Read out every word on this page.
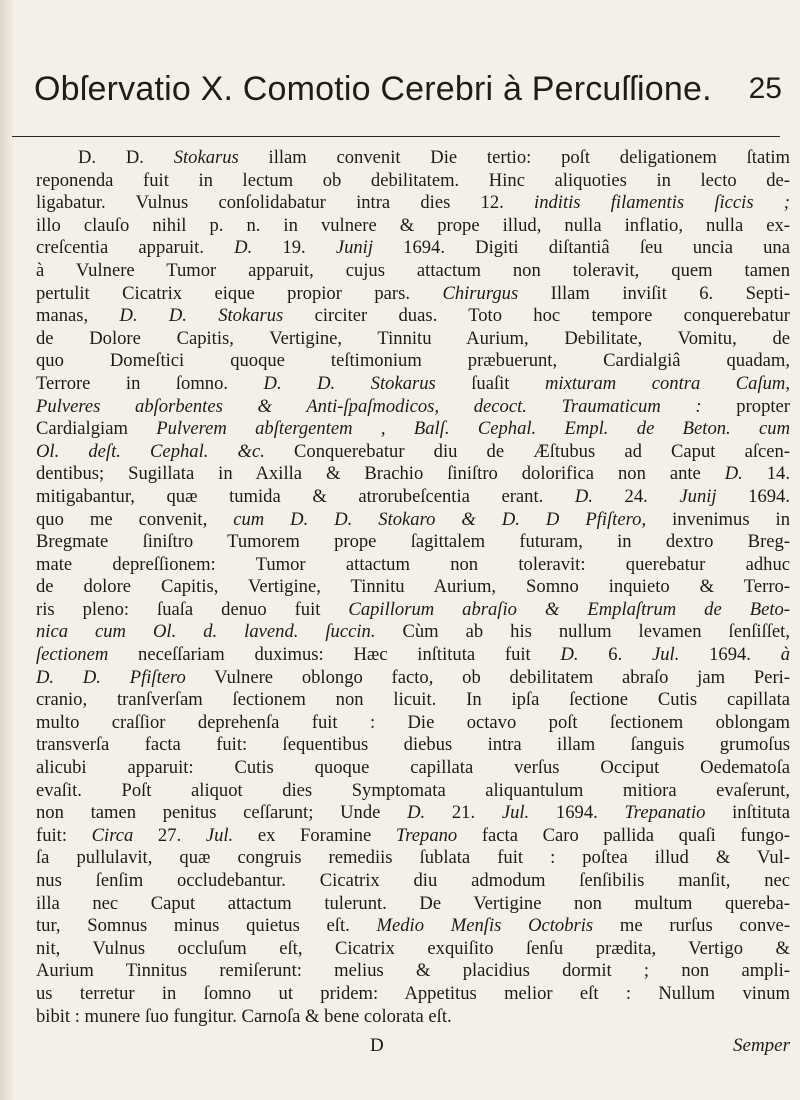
Obſervatio X. Comotio Cerebri à Percuſſione. 25
D. D. Stokarus illam convenit Die tertio: poſt deligationem ſtatim
reponenda fuit in lectum ob debilitatem. Hinc aliquoties in lecto de-
ligabatur. Vulnus conſolidabatur intra dies 12. inditis filamentis ſiccis ;
illo clauſo nihil p. n. in vulnere & prope illud, nulla inflatio, nulla ex-
creſcentia apparuit. D. 19. Junij 1694. Digiti diſtantiâ ſeu uncia una
à Vulnere Tumor apparuit, cujus attactum non toleravit, quem tamen
pertulit Cicatrix eique propior pars. Chirurgus Illam inviſit 6. Septi-
manas, D. D. Stokarus circiter duas. Toto hoc tempore conquerebatur
de Dolore Capitis, Vertigine, Tinnitu Aurium, Debilitate, Vomitu, de
quo Domeſtici quoque teſtimonium præbuerunt, Cardialgiâ quadam,
Terrore in ſomno. D. D. Stokarus ſuaſit mixturam contra Caſum,
Pulveres abſorbentes & Anti-ſpaſmodicos, decoct. Traumaticum : propter
Cardialgiam Pulverem abſtergentem , Balſ. Cephal. Empl. de Beton. cum
Ol. deſt. Cephal. &c. Conquerebatur diu de Æſtubus ad Caput aſcen-
dentibus; Sugillata in Axilla & Brachio ſiniſtro dolorifica non ante D. 14.
mitigabantur, quæ tumida & atrorubeſcentia erant. D. 24. Junij 1694.
quo me convenit, cum D. D. Stokaro & D. D Pfiſtero, invenimus in
Bregmate ſiniſtro Tumorem prope ſagittalem futuram, in dextro Breg-
mate depreſſionem: Tumor attactum non toleravit: querebatur adhuc
de dolore Capitis, Vertigine, Tinnitu Aurium, Somno inquieto & Terro-
ris pleno: ſuaſa denuo fuit Capillorum abraſio & Emplaſtrum de Beto-
nica cum Ol. d. lavend. ſuccin. Cùm ab his nullum levamen ſenſiſſet,
ſectionem neceſſariam duximus: Hæc inſtituta fuit D. 6. Jul. 1694. à
D. D. Pfiſtero Vulnere oblongo facto, ob debilitatem abraſo jam Peri-
cranio, tranſverſam ſectionem non licuit. In ipſa ſectione Cutis capillata
multo craſſior deprehenſa fuit : Die octavo poſt ſectionem oblongam
transverſa facta fuit: ſequentibus diebus intra illam ſanguis grumoſus
alicubi apparuit: Cutis quoque capillata verſus Occiput Oedematoſa
evaſit. Poſt aliquot dies Symptomata aliquantulum mitiora evaſerunt,
non tamen penitus ceſſarunt; Unde D. 21. Jul. 1694. Trepanatio inſtituta
fuit: Circa 27. Jul. ex Foramine Trepano facta Caro pallida quaſi fungo-
ſa pullulavit, quæ congruis remediis ſublata fuit : poſtea illud & Vul-
nus ſenſim occludebantur. Cicatrix diu admodum ſenſibilis manſit, nec
illa nec Caput attactum tulerunt. De Vertigine non multum quereba-
tur, Somnus minus quietus eſt. Medio Menſis Octobris me rurſus conve-
nit, Vulnus occluſum eſt, Cicatrix exquiſito ſenſu prædita, Vertigo &
Aurium Tinnitus remiſerunt: melius & placidius dormit ; non ampli-
us terretur in ſomno ut pridem: Appetitus melior eſt : Nullum vinum
bibit : munere ſuo fungitur. Carnoſa & bene colorata eſt.
D	Semper
